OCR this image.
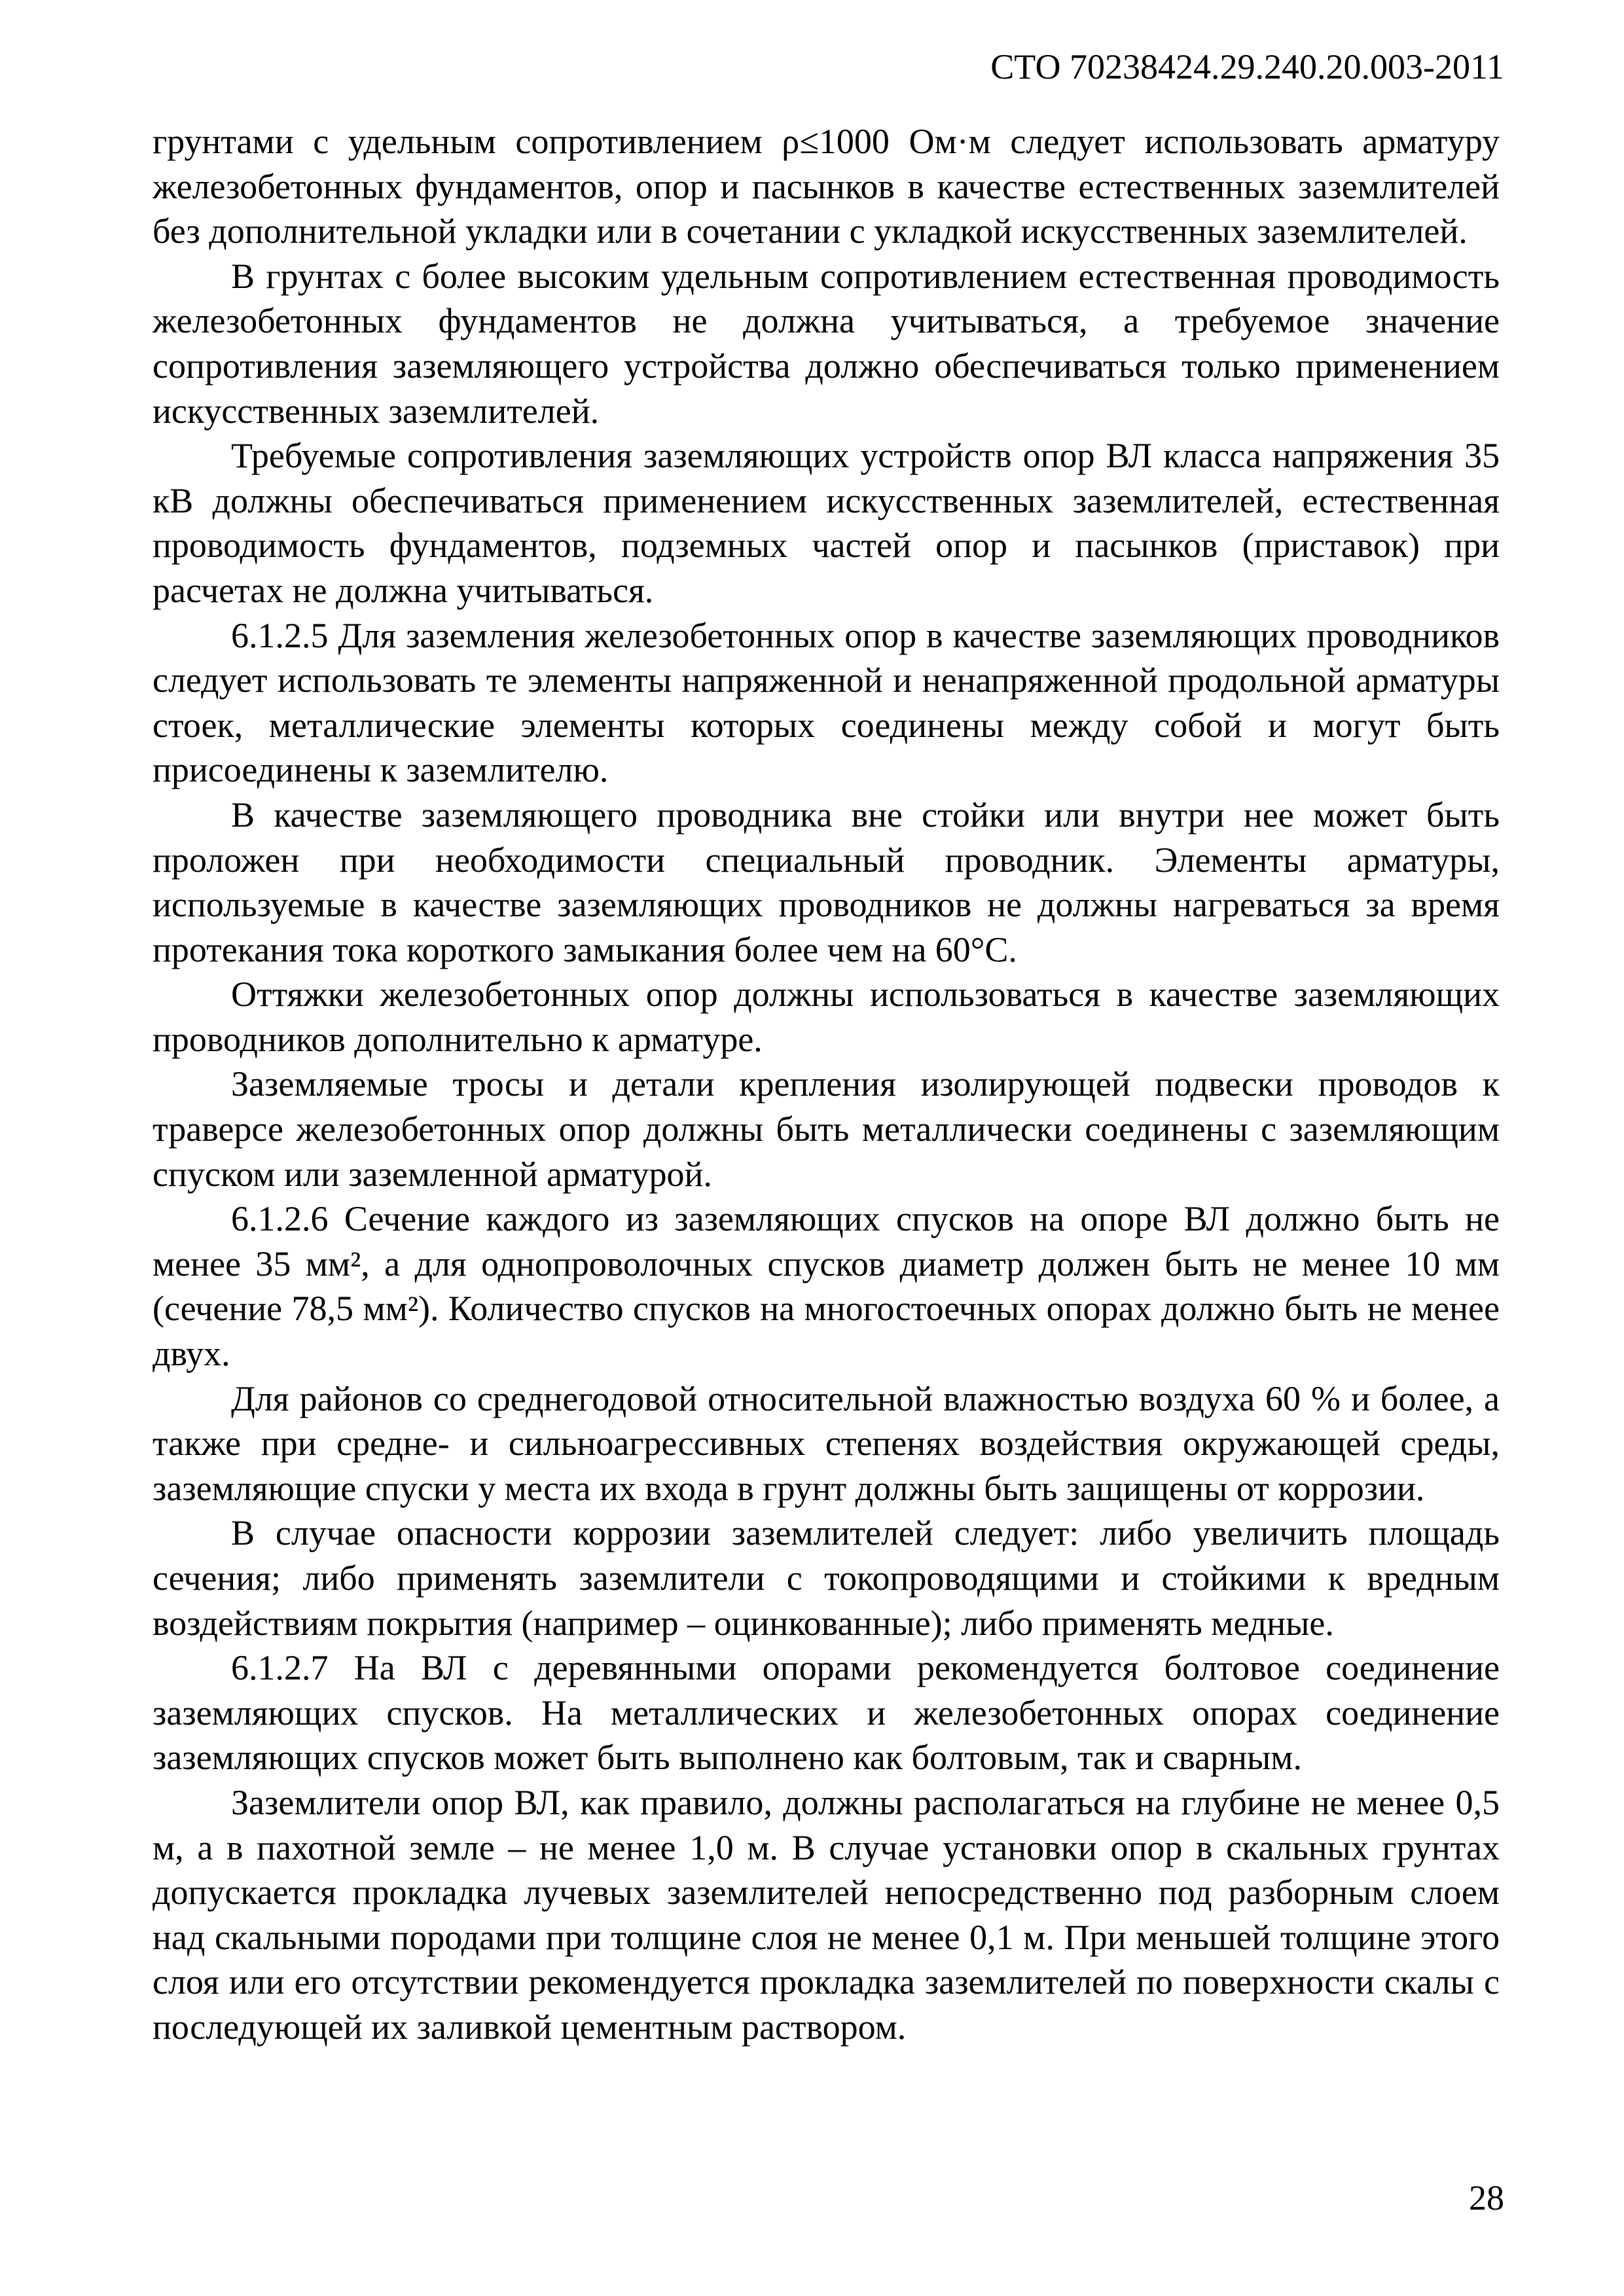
СТО 70238424.29.240.20.003-2011

грунтами с удельным сопротивлением ρ≤1000 Ом·м следует использовать арматуру железобетонных фундаментов, опор и пасынков в качестве естественных заземлителей без дополнительной укладки или в сочетании с укладкой искусственных заземлителей.

В грунтах с более высоким удельным сопротивлением естественная проводимость железобетонных фундаментов не должна учитываться, а требуемое значение сопротивления заземляющего устройства должно обеспечиваться только применением искусственных заземлителей.

Требуемые сопротивления заземляющих устройств опор ВЛ класса напряжения 35 кВ должны обеспечиваться применением искусственных заземлителей, естественная проводимость фундаментов, подземных частей опор и пасынков (приставок) при расчетах не должна учитываться.

6.1.2.5 Для заземления железобетонных опор в качестве заземляющих проводников следует использовать те элементы напряженной и ненапряженной продольной арматуры стоек, металлические элементы которых соединены между собой и могут быть присоединены к заземлителю.

В качестве заземляющего проводника вне стойки или внутри нее может быть проложен при необходимости специальный проводник. Элементы арматуры, используемые в качестве заземляющих проводников не должны нагреваться за время протекания тока короткого замыкания более чем на 60°С.

Оттяжки железобетонных опор должны использоваться в качестве заземляющих проводников дополнительно к арматуре.

Заземляемые тросы и детали крепления изолирующей подвески проводов к траверсе железобетонных опор должны быть металлически соединены с заземляющим спуском или заземленной арматурой.

6.1.2.6 Сечение каждого из заземляющих спусков на опоре ВЛ должно быть не менее 35 мм², а для однопроволочных спусков диаметр должен быть не менее 10 мм (сечение 78,5 мм²). Количество спусков на многостоечных опорах должно быть не менее двух.

Для районов со среднегодовой относительной влажностью воздуха 60 % и более, а также при средне- и сильноагрессивных степенях воздействия окружающей среды, заземляющие спуски у места их входа в грунт должны быть защищены от коррозии.

В случае опасности коррозии заземлителей следует: либо увеличить площадь сечения; либо применять заземлители с токопроводящими и стойкими к вредным воздействиям покрытия (например – оцинкованные); либо применять медные.

6.1.2.7 На ВЛ с деревянными опорами рекомендуется болтовое соединение заземляющих спусков. На металлических и железобетонных опорах соединение заземляющих спусков может быть выполнено как болтовым, так и сварным.

Заземлители опор ВЛ, как правило, должны располагаться на глубине не менее 0,5 м, а в пахотной земле – не менее 1,0 м. В случае установки опор в скальных грунтах допускается прокладка лучевых заземлителей непосредственно под разборным слоем над скальными породами при толщине слоя не менее 0,1 м. При меньшей толщине этого слоя или его отсутствии рекомендуется прокладка заземлителей по поверхности скалы с последующей их заливкой цементным раствором.

28
